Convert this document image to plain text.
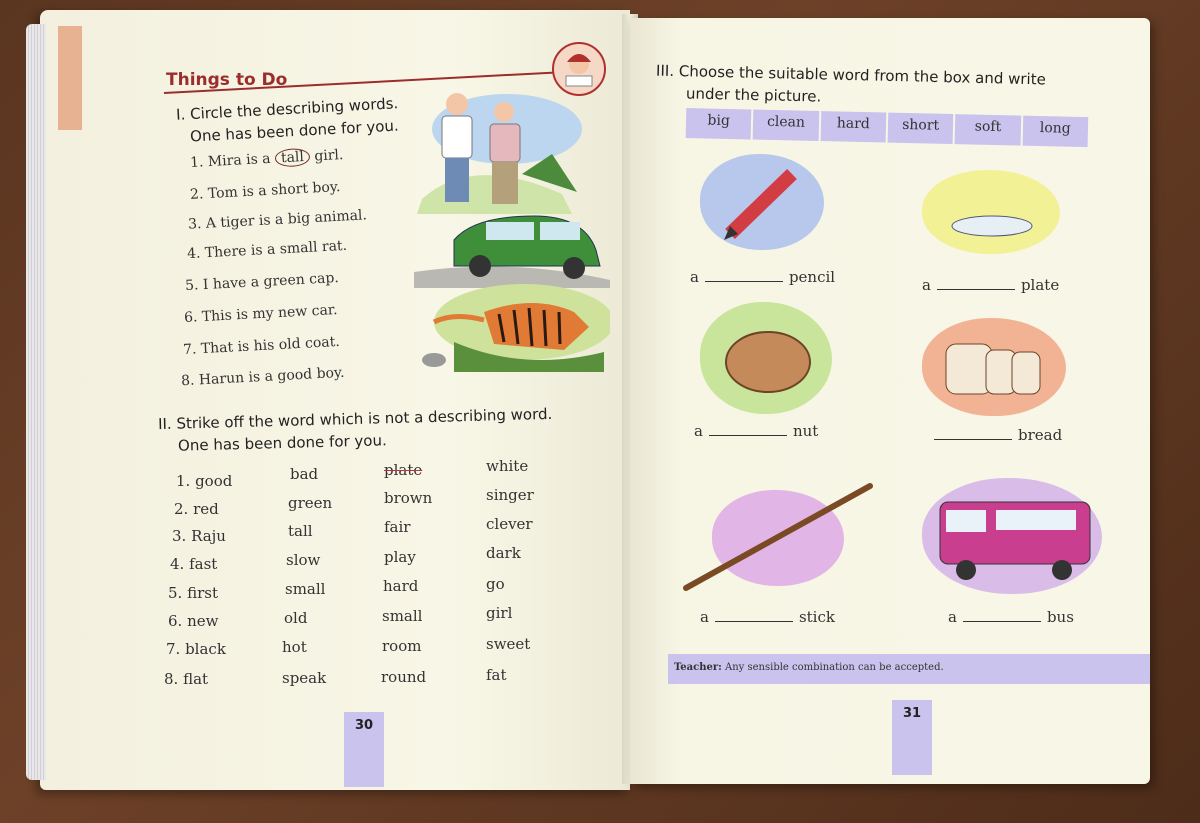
Things to Do
I. Circle the describing words.
One has been done for you.
1. Mira is a tall girl.
2. Tom is a short boy.
3. A tiger is a big animal.
4. There is a small rat.
5. I have a green cap.
6. This is my new car.
7. That is his old coat.
8. Harun is a good boy.
II. Strike off the word which is not a describing word.
One has been done for you.
1. good	bad	plate	white
2. red	green	brown	singer
3. Raju	tall	fair	clever
4. fast	slow	play	dark
5. first	small	hard	go
6. new	old	small	girl
7. black	hot	room	sweet
8. flat	speak	round	fat
30
III. Choose the suitable word from the box and write
under the picture.
big	clean	hard	short	soft	long
a	pencil	a	plate
a	nut	bread
a	stick	a	bus
Teacher: Any sensible combination can be accepted.
31
